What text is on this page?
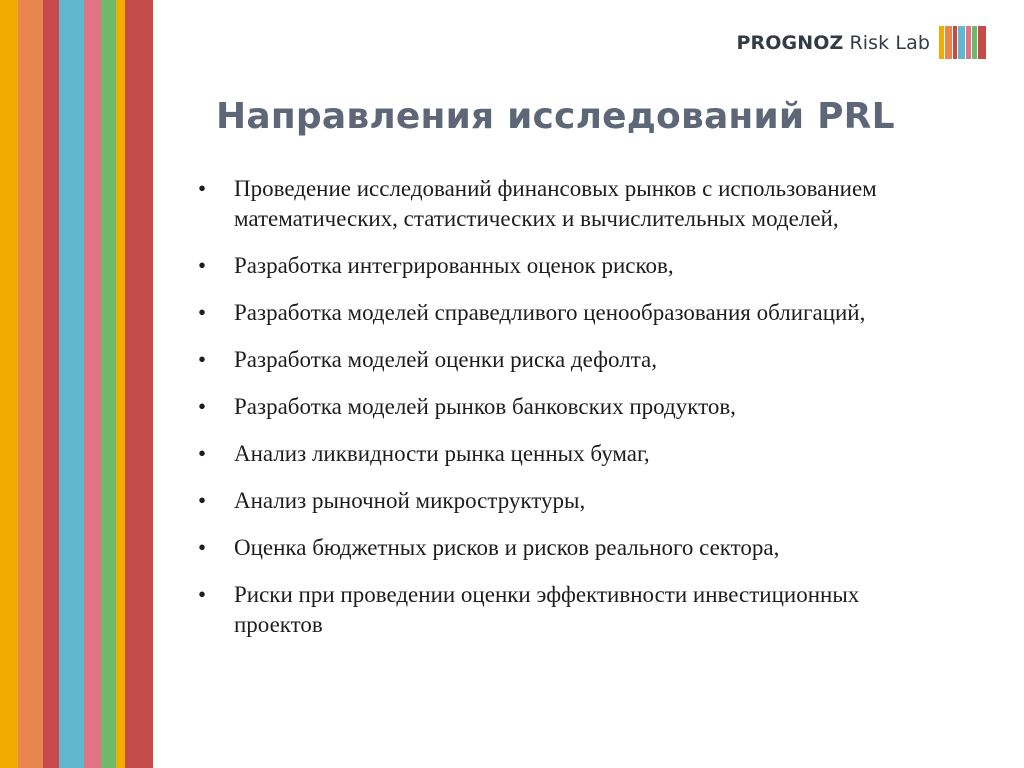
PROGNOZ Risk Lab
Направления исследований PRL
•	Проведение исследований финансовых рынков с использованием математических, статистических и вычислительных моделей,
•	Разработка интегрированных оценок рисков,
•	Разработка моделей справедливого ценообразования облигаций,
•	Разработка моделей оценки риска дефолта,
•	Разработка моделей рынков банковских продуктов,
•	Анализ ликвидности рынка ценных бумаг,
•	Анализ рыночной микроструктуры,
•	Оценка бюджетных рисков и рисков реального сектора,
•	Риски при проведении оценки эффективности инвестиционных проектов
